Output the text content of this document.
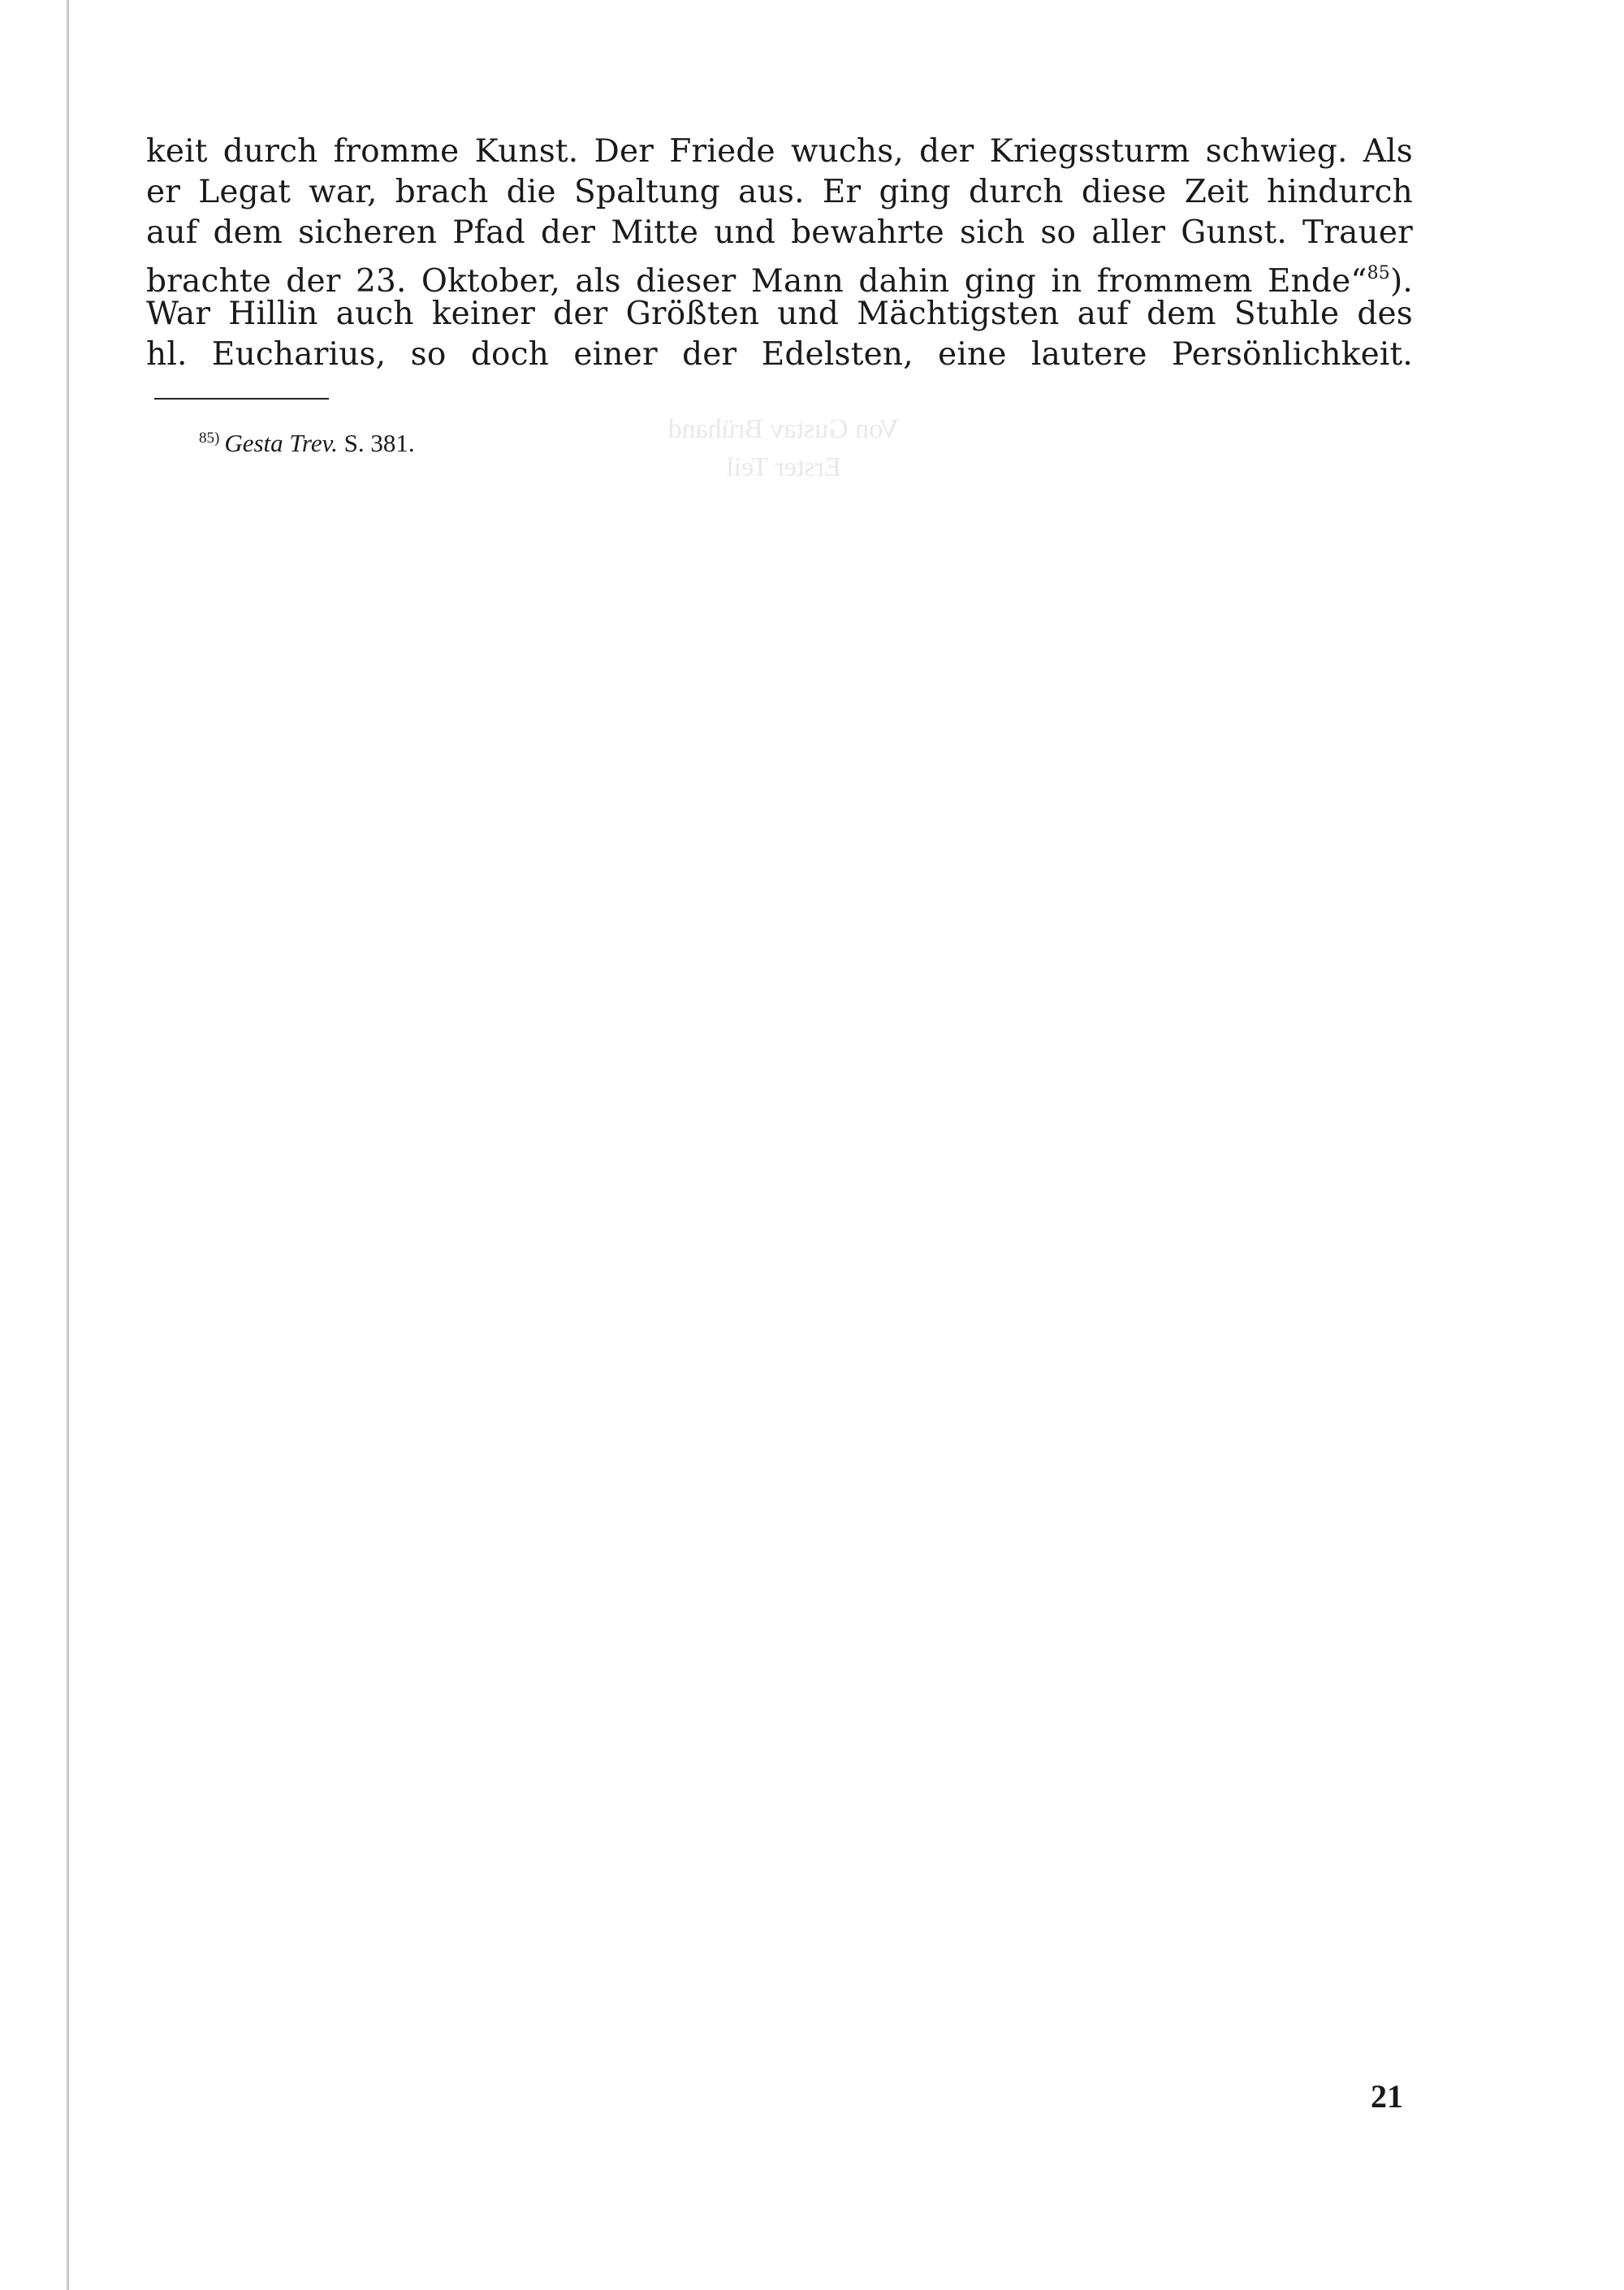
Von Gustav Brühand
Erster Teil
keit durch fromme Kunst. Der Friede wuchs, der Kriegssturm schwieg. Als
er Legat war, brach die Spaltung aus. Er ging durch diese Zeit hindurch
auf dem sicheren Pfad der Mitte und bewahrte sich so aller Gunst. Trauer
brachte der 23. Oktober, als dieser Mann dahin ging in frommem Ende“$^{85}$).
War Hillin auch keiner der Größten und Mächtigsten auf dem Stuhle des
hl. Eucharius, so doch einer der Edelsten, eine lautere Persönlichkeit.
$^{85)}$ Gesta Trev. S. 381.
21
